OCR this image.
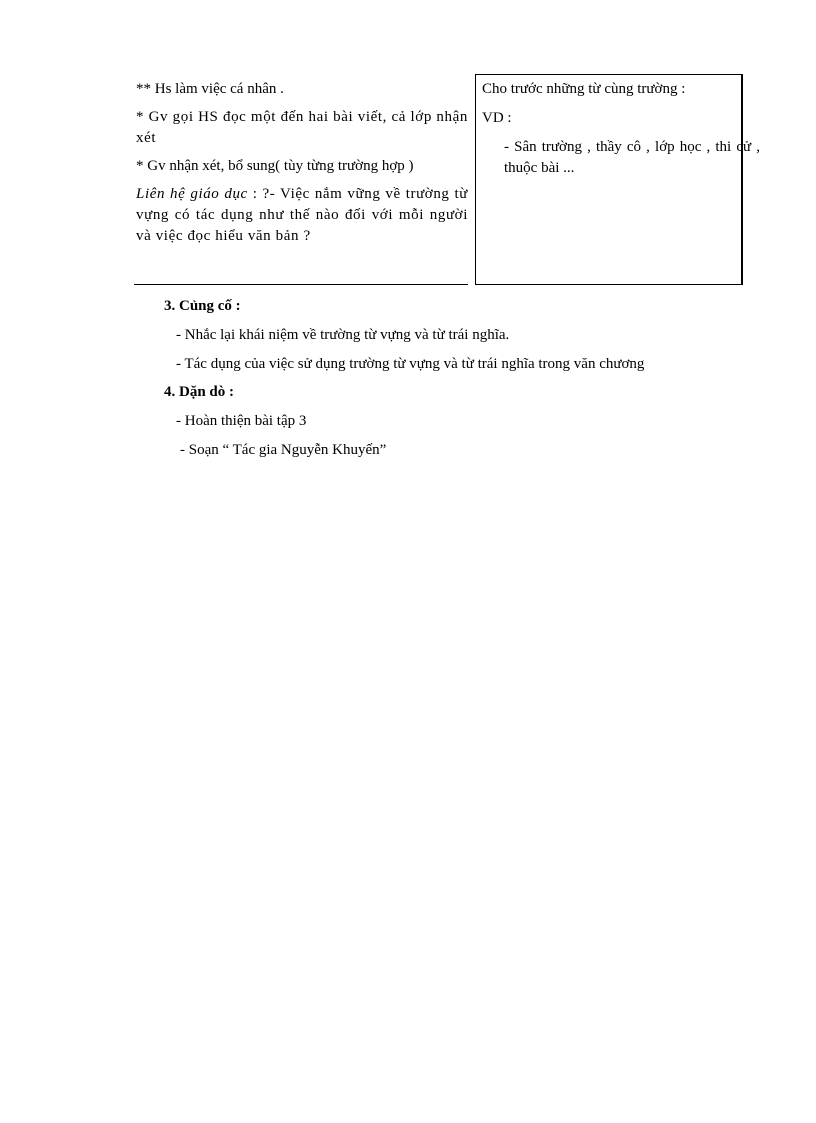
** Hs làm việc cá nhân .

* Gv gọi HS đọc một đến hai bài viết, cả lớp nhận xét

* Gv nhận xét, bổ sung( tùy từng trường hợp )

Liên hệ giáo dục : ?- Việc nắm vững về trường từ vựng có tác dụng như thế nào đối với mỗi người và việc đọc hiểu văn bản ?

Cho trước những từ cùng trường :

VD :

- Sân trường , thầy cô , lớp học , thi cử , thuộc bài ...

3. Củng cố :

- Nhắc lại khái niệm về trường từ vựng và từ trái nghĩa.

- Tác dụng của việc sử dụng trường từ vựng và từ trái nghĩa trong văn chương

4. Dặn dò :

- Hoàn thiện bài tập 3

- Soạn “ Tác gia Nguyễn Khuyến”
